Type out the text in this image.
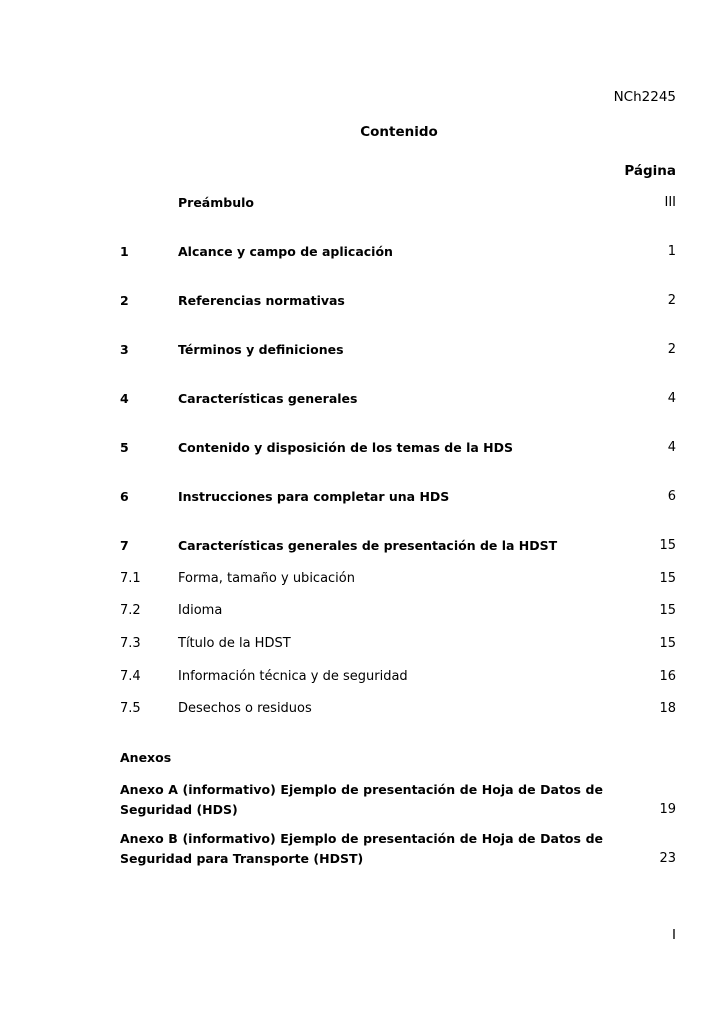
NCh2245
Contenido
Página
Preámbulo	III
1	Alcance y campo de aplicación	1
2	Referencias normativas	2
3	Términos y definiciones	2
4	Características generales	4
5	Contenido y disposición de los temas de la HDS	4
6	Instrucciones para completar una HDS	6
7	Características generales de presentación de la HDST	15
7.1	Forma, tamaño y ubicación	15
7.2	Idioma	15
7.3	Título de la HDST	15
7.4	Información técnica y de seguridad	16
7.5	Desechos o residuos	18
Anexos
Anexo A (informativo) Ejemplo de presentación de Hoja de Datos de Seguridad (HDS)	19
Anexo B (informativo) Ejemplo de presentación de Hoja de Datos de Seguridad para Transporte (HDST)	23
I
